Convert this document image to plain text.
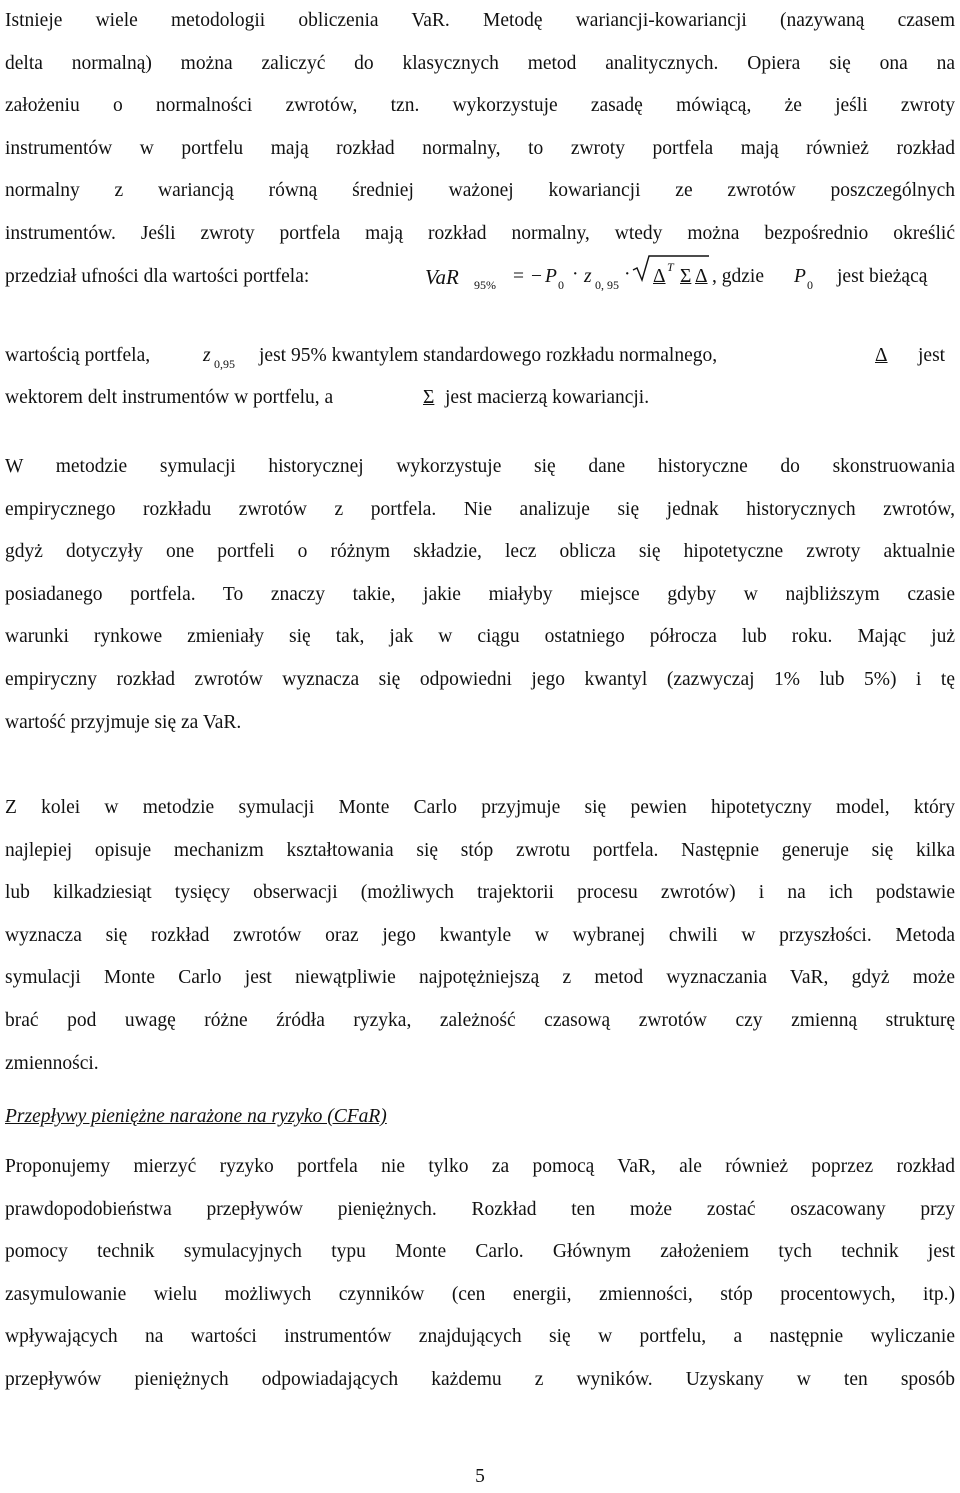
Istnieje wiele metodologii obliczenia VaR. Metodę wariancji-kowariancji (nazywaną czasem
delta normalną) można zaliczyć do klasycznych metod analitycznych. Opiera się ona na
założeniu o normalności zwrotów, tzn. wykorzystuje zasadę mówiącą, że jeśli zwroty
instrumentów w portfelu mają rozkład normalny, to zwroty portfela mają również rozkład
normalny z wariancją równą średniej ważonej kowariancji ze zwrotów poszczególnych
instrumentów. Jeśli zwroty portfela mają rozkład normalny, wtedy można bezpośrednio określić
przedział ufności dla wartości portfela:	VaR 95% = − P 0 · z 0, 95 · Δ T Σ Δ , gdzie P 0 jest bieżącą
wartością portfela,	z 0,95 jest 95% kwantylem standardowego rozkładu normalnego,	Δ jest
wektorem delt instrumentów w portfelu, a	Σ jest macierzą kowariancji.
W metodzie symulacji historycznej wykorzystuje się dane historyczne do skonstruowania
empirycznego rozkładu zwrotów z portfela. Nie analizuje się jednak historycznych zwrotów,
gdyż dotyczyły one portfeli o różnym składzie, lecz oblicza się hipotetyczne zwroty aktualnie
posiadanego portfela. To znaczy takie, jakie miałyby miejsce gdyby w najbliższym czasie
warunki rynkowe zmieniały się tak, jak w ciągu ostatniego półrocza lub roku. Mając już
empiryczny rozkład zwrotów wyznacza się odpowiedni jego kwantyl (zazwyczaj 1% lub 5%) i tę
wartość przyjmuje się za VaR.
Z kolei w metodzie symulacji Monte Carlo przyjmuje się pewien hipotetyczny model, który
najlepiej opisuje mechanizm kształtowania się stóp zwrotu portfela. Następnie generuje się kilka
lub kilkadziesiąt tysięcy obserwacji (możliwych trajektorii procesu zwrotów) i na ich podstawie
wyznacza się rozkład zwrotów oraz jego kwantyle w wybranej chwili w przyszłości. Metoda
symulacji Monte Carlo jest niewątpliwie najpotężniejszą z metod wyznaczania VaR, gdyż może
brać pod uwagę różne źródła ryzyka, zależność czasową zwrotów czy zmienną strukturę
zmienności.
Przepływy pieniężne narażone na ryzyko (CFaR)
Proponujemy mierzyć ryzyko portfela nie tylko za pomocą VaR, ale również poprzez rozkład
prawdopodobieństwa przepływów pieniężnych. Rozkład ten może zostać oszacowany przy
pomocy technik symulacyjnych typu Monte Carlo. Głównym założeniem tych technik jest
zasymulowanie wielu możliwych czynników (cen energii, zmienności, stóp procentowych, itp.)
wpływających na wartości instrumentów znajdujących się w portfelu, a następnie wyliczanie
przepływów pieniężnych odpowiadających każdemu z wyników. Uzyskany w ten sposób
5
